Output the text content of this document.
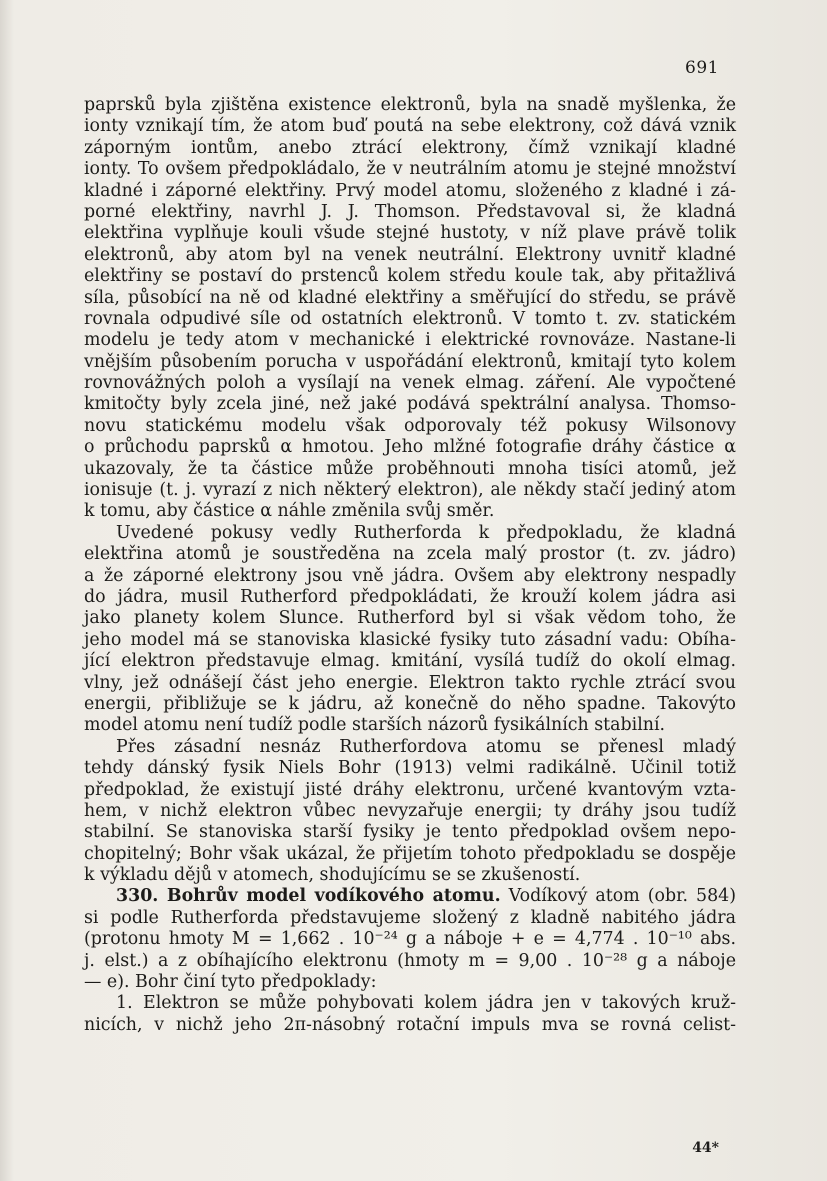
691
paprsků byla zjištěna existence elektronů, byla na snadě myšlenka, že
ionty vznikají tím, že atom buď poutá na sebe elektrony, což dává vznik
záporným iontům, anebo ztrácí elektrony, čímž vznikají kladné
ionty. To ovšem předpokládalo, že v neutrálním atomu je stejné množství
kladné i záporné elektřiny. Prvý model atomu, složeného z kladné i zá-
porné elektřiny, navrhl J. J. Thomson. Představoval si, že kladná
elektřina vyplňuje kouli všude stejné hustoty, v níž plave právě tolik
elektronů, aby atom byl na venek neutrální. Elektrony uvnitř kladné
elektřiny se postaví do prstenců kolem středu koule tak, aby přitažlivá
síla, působící na ně od kladné elektřiny a směřující do středu, se právě
rovnala odpudivé síle od ostatních elektronů. V tomto t. zv. statickém
modelu je tedy atom v mechanické i elektrické rovnováze. Nastane-li
vnějším působením porucha v uspořádání elektronů, kmitají tyto kolem
rovnovážných poloh a vysílají na venek elmag. záření. Ale vypočtené
kmitočty byly zcela jiné, než jaké podává spektrální analysa. Thomso-
novu statickému modelu však odporovaly též pokusy Wilsonovy
o průchodu paprsků α hmotou. Jeho mlžné fotografie dráhy částice α
ukazovaly, že ta částice může proběhnouti mnoha tisíci atomů, jež
ionisuje (t. j. vyrazí z nich některý elektron), ale někdy stačí jediný atom
k tomu, aby částice α náhle změnila svůj směr.
Uvedené pokusy vedly Rutherforda k předpokladu, že kladná
elektřina atomů je soustředěna na zcela malý prostor (t. zv. jádro)
a že záporné elektrony jsou vně jádra. Ovšem aby elektrony nespadly
do jádra, musil Rutherford předpokládati, že krouží kolem jádra asi
jako planety kolem Slunce. Rutherford byl si však vědom toho, že
jeho model má se stanoviska klasické fysiky tuto zásadní vadu: Obíha-
jící elektron představuje elmag. kmitání, vysílá tudíž do okolí elmag.
vlny, jež odnášejí část jeho energie. Elektron takto rychle ztrácí svou
energii, přibližuje se k jádru, až konečně do něho spadne. Takovýto
model atomu není tudíž podle starších názorů fysikálních stabilní.
Přes zásadní nesnáz Rutherfordova atomu se přenesl mladý
tehdy dánský fysik Niels Bohr (1913) velmi radikálně. Učinil totiž
předpoklad, že existují jisté dráhy elektronu, určené kvantovým vzta-
hem, v nichž elektron vůbec nevyzařuje energii; ty dráhy jsou tudíž
stabilní. Se stanoviska starší fysiky je tento předpoklad ovšem nepo-
chopitelný; Bohr však ukázal, že přijetím tohoto předpokladu se dospěje
k výkladu dějů v atomech, shodujícímu se se zkušeností.
330. Bohrův model vodíkového atomu. Vodíkový atom (obr. 584)
si podle Rutherforda představujeme složený z kladně nabitého jádra
(protonu hmoty M = 1,662 . 10⁻²⁴ g a náboje + e = 4,774 . 10⁻¹⁰ abs.
j. elst.) a z obíhajícího elektronu (hmoty m = 9,00 . 10⁻²⁸ g a náboje
— e). Bohr činí tyto předpoklady:
1. Elektron se může pohybovati kolem jádra jen v takových kruž-
nicích, v nichž jeho 2π-násobný rotační impuls mva se rovná celist-
44*
